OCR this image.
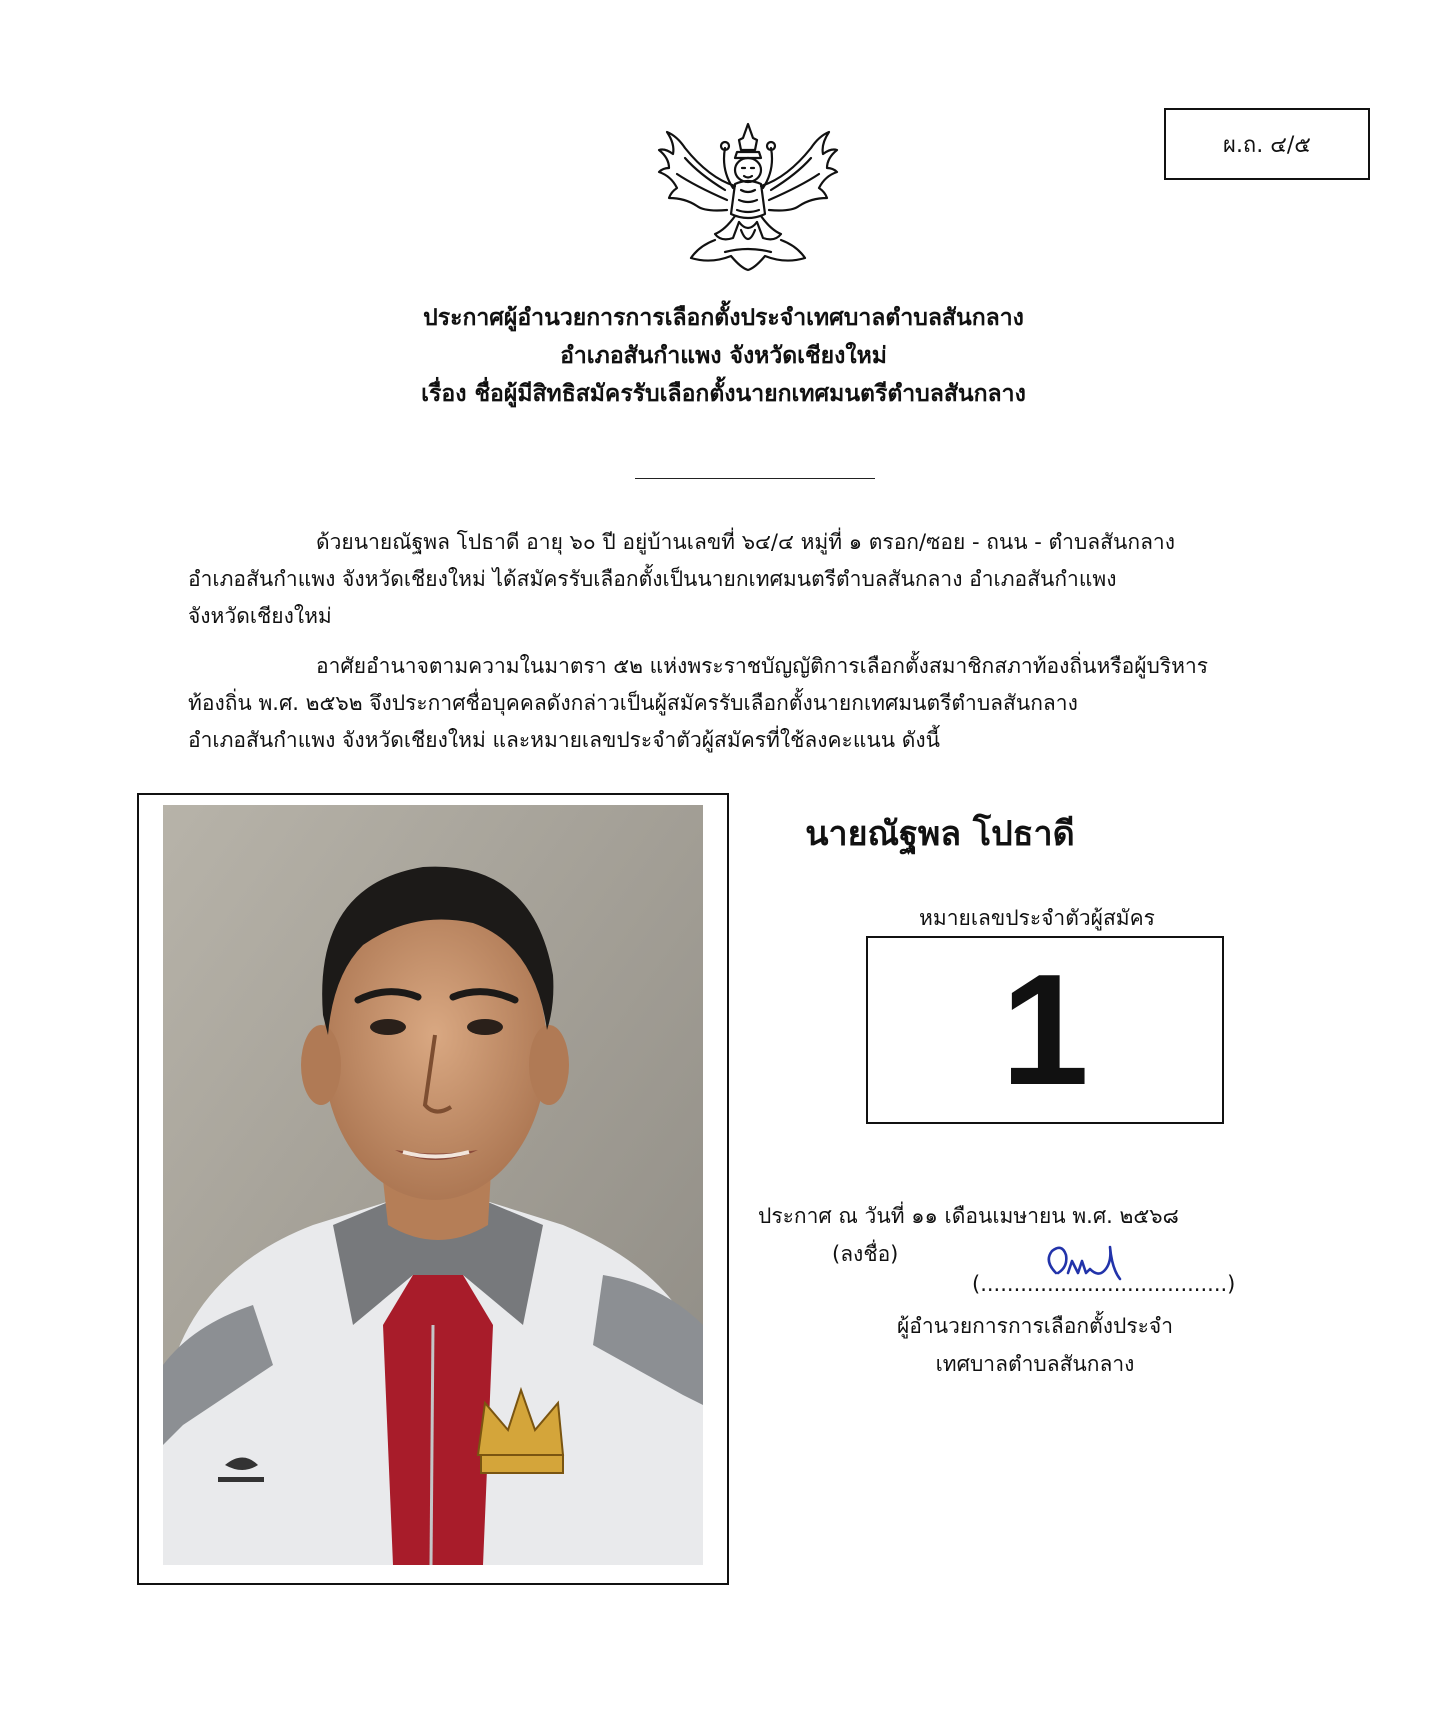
ผ.ถ. ๔/๕
ประกาศผู้อำนวยการการเลือกตั้งประจำเทศบาลตำบลสันกลาง
อำเภอสันกำแพง จังหวัดเชียงใหม่
เรื่อง ชื่อผู้มีสิทธิสมัครรับเลือกตั้งนายกเทศมนตรีตำบลสันกลาง
ด้วยนายณัฐพล โปธาดี อายุ ๖๐ ปี อยู่บ้านเลขที่ ๖๔/๔ หมู่ที่ ๑ ตรอก/ซอย - ถนน - ตำบลสันกลาง
อำเภอสันกำแพง จังหวัดเชียงใหม่ ได้สมัครรับเลือกตั้งเป็นนายกเทศมนตรีตำบลสันกลาง อำเภอสันกำแพง
จังหวัดเชียงใหม่
อาศัยอำนาจตามความในมาตรา ๕๒ แห่งพระราชบัญญัติการเลือกตั้งสมาชิกสภาท้องถิ่นหรือผู้บริหาร
ท้องถิ่น พ.ศ. ๒๕๖๒ จึงประกาศชื่อบุคคลดังกล่าวเป็นผู้สมัครรับเลือกตั้งนายกเทศมนตรีตำบลสันกลาง
อำเภอสันกำแพง จังหวัดเชียงใหม่ และหมายเลขประจำตัวผู้สมัครที่ใช้ลงคะแนน ดังนี้
นายณัฐพล โปธาดี
หมายเลขประจำตัวผู้สมัคร
1
ประกาศ ณ วันที่ ๑๑ เดือนเมษายน พ.ศ. ๒๕๖๘
(ลงชื่อ)
(.....................................)
ผู้อำนวยการการเลือกตั้งประจำ
เทศบาลตำบลสันกลาง
